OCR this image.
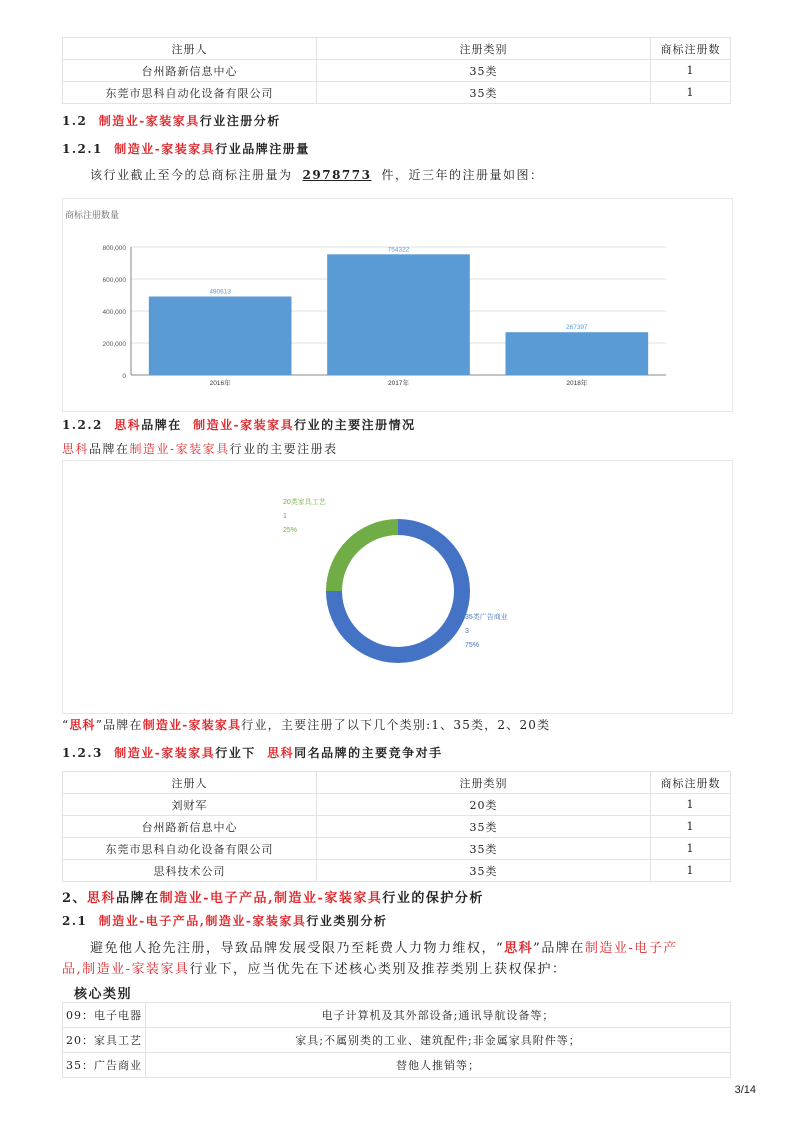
注册人	注册类别	商标注册数
台州路新信息中心	35类	1
东莞市思科自动化设备有限公司	35类	1
1.2 制造业-家装家具行业注册分析
1.2.1 制造业-家装家具行业品牌注册量
该行业截止至今的总商标注册量为 2978773 件，近三年的注册量如图：
商标注册数量
0
200,000
400,000
600,000
800,000
490613
2016年
754322
2017年
267397
2018年
1.2.2 思科品牌在 制造业-家装家具行业的主要注册情况
思科品牌在制造业-家装家具行业的主要注册表
20类家具工艺
1
25%
35类广告商业
3
75%
“思科”品牌在制造业-家装家具行业，主要注册了以下几个类别:1、35类，2、20类
1.2.3 制造业-家装家具行业下 思科同名品牌的主要竞争对手
注册人	注册类别	商标注册数
刘财军	20类	1
台州路新信息中心	35类	1
东莞市思科自动化设备有限公司	35类	1
思科技术公司	35类	1
2、思科品牌在制造业-电子产品,制造业-家装家具行业的保护分析
2.1 制造业-电子产品,制造业-家装家具行业类别分析
避免他人抢先注册，导致品牌发展受限乃至耗费人力物力维权，“思科”品牌在制造业-电子产
品,制造业-家装家具行业下，应当优先在下述核心类别及推荐类别上获权保护：
核心类别
09：电子电器	电子计算机及其外部设备;通讯导航设备等；
20：家具工艺	家具;不属别类的工业、建筑配件;非金属家具附件等；
35：广告商业	替他人推销等；
3/14
